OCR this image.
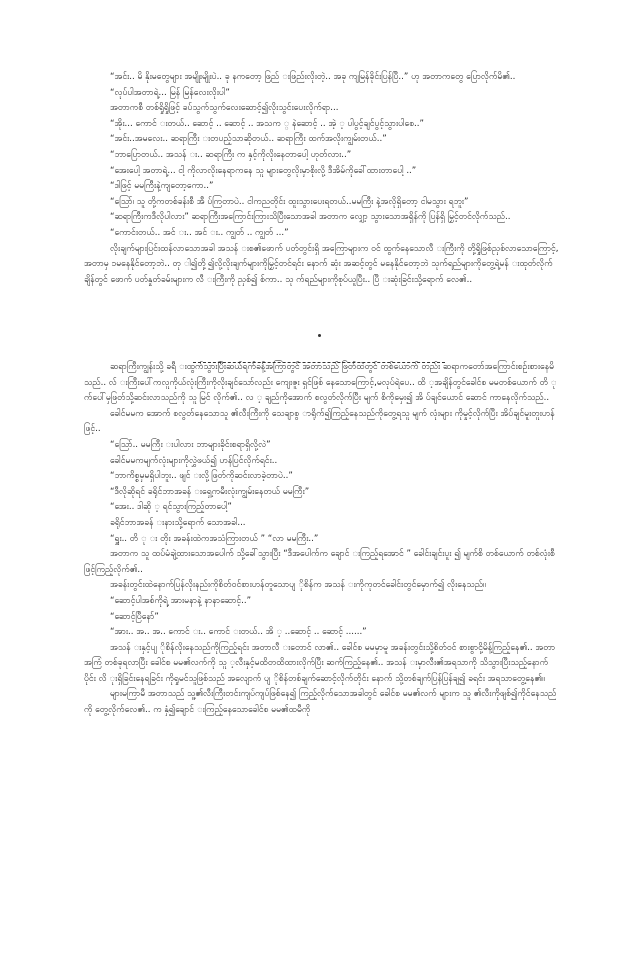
“အင်း.. မိ နိုးမတွေများ အမျိုးမျိုးပဲ.. ခု နကတော့ ဖြည် းဖြည်းလိုးတဲ့.. အခု ကျမြန်ခိုင်းပြန်ပြီ..” ဟု အတာကတွေ ပြောလိုက်မိ၏..

“လုပ်ပါအတာရဲ့... မြန် မြန်လေးလိုးပါ”

အတာကစီ တစ်ရှိုရှိုဖြင့် ခပ်သွက်သွက်လေးဆောင့်၍လိုးသွင်းပေးလိုက်ရာ...

“အိုး... ကောင် းတယ်.. ဆောင့် .. ဆောင့် .. အသက ္ နဲဆောင့် .. အဲ့ ့ ပါပွင့်ချင်ပွင့်သွားပါစေ..”

“အင်း..အမလေး.. ဆရာကြီး းတပည့်သာဆိုတယ်.. ဆရာကြီး ထက်အလိုးကျွမ်းတယ်..”

“ဘာပြောတယ်.. အသန် း.. ဆရာကြီး က နှင့်ကိုလိုးနေတာပေါ့ ဟုတ်လား..”

“အေးပေါ့ အတာရဲ့... ငါ့ ကိုလာလိုးနေရာကနေ သူ များတွေလိုးမှာစိုးလို့ ဒီအိမ်ကိုခေါ်ထားတာပေါ့ ..”

“ဒါဖြင့် မမကြီးနဲ့ကျတော့ကော..”

“ဩော်၊ သူ တို့ကတစ်ခန်းစီ အီ ပ်ကြတာပဲ.. ငါကညတိုင်း ထူးသွားပေးရတယ်..မမကြီး နဲ့အလိုရှိတော့ ငါမသွား ရဘူး”

“ဆရာကြီးကဒီလိုပါလား” ဆရာကြီးအကြောင်းကြားသိပြီးသောအခါ အတာက လျှော့ သွားသောအရှိန်ကို ပြန်ရှိ မြှင့်တင်လိုက်သည်..

“ကောင်းတယ်.. အင် း.. အင် း.. ကျွတ် .. ကျွတ် ...”

လိုးချက်များပြင်းထန်လာသောအခါ အသန် းစ၏ဖောက် ပတ်တွင်းရှိ အကြောများက ဝင် ထွက်နေသောလီ းကြီးကို တို့ရှိုဖြစ်ညှစ်လာသောကြောင့်, အတာမှ ၁မနေနိုင်တော့ဘဲ.. တု ါ၍တို့၍လို့လိုးချက်များကိုမြှင့်တင်ရင်း နောက် ဆုံး အဆင့်တွင် မနေနိုင်တော့ဘဲ သုက်ရည်များကိုတွေ့ရဲ့မန် းထုတ်လိုက်ချိန်တွင် ဖောက် ပတ်နှုတ်ခမ်းများက လီ းကြီးကို ညှစ်၍ စ်ကာ.. သု က်ရည်များကိုစုပ်ယူပြီး.. ပြီ းဆုံးခြင်းသို့ရောက် လေ၏..

ဆရာကြီးကျွန်းသို့ ခရီ းထွက်သွားပြီးဆယ်ရက်ခန့်အကြာတွင် အတာသည် ဖြတ်ထဲတွင် တစ်ယောက် တည်း ဆရာကတော်အကြောင်းစဉ်းစားနေမိ သည်.. လ် းကြီးပေါ်ကလူကိုယ်လုံးကြီးကိုလိုးချင်သော်လည်း ကျေးဇူး ရှင်ဖြစ် နေသောကြောင့်,မလုပ်ရဲပေ.. ထိ ့အချိန်တွင်ခေါင်စ မမတစ်ယောက် တိ ုက်ပေါ်မှဖြတ်သို့ဆင်းလာသည်ကို သူ မြင် လိုက်၏.. လ ့ ချည်ကိုအောက် စလွတ်လိုက်ပြီး မျက် စိကိုမှေး၍ အိ ပ်ချင်ယောင် ဆောင် ကာနေလိုက်သည်..

ခေါင်မမက အောက် စလွတ်နေသောသူ ၏လီးကြီးကို သေချာစွ ာရိုက်၍ကြည့်နေသည်ကိုတွေ့ရသူ မျက် လုံးများ ကိုမှုင့်လိုက်ပြီး အိပ်ချင်မူးတူးဟန်ဖြင့်..

“ဩော်.. မမကြီး းပါလား ဘာများခိုင်းစရာရှိလို့လဲ”

ခေါင်မမကမျက်လုံးများကိုလွှဲဖယ်၍ ဟန်ပြင်လိုက်ရင်း..

“ဘာကိစ္စမှမရှိပါဘူး.. ဖျင် းလို့ဖြတ်ကိုဆင်းလာခဲ့တာပဲ..”

“ဒီလိုဆိုရင် ခရိုင်ဘာအခန် းရှေ့ကမီးလုံးကျွမ်းနေတယ် မမကြီး”

“အေး.. ဒါဆို ့ ရင်သွားကြည့်တာပေါ့”

ခရိုင်ဘာအခန် းနားသို့ရောက် သောအခါ...

“ရှူး.. တိ ု း တိုး အခန်းထဲကအသံကြားတယ် ” “လာ မမကြီး..”

အတာက သူ ထပ်မံချဲ့ထားသောအပေါက် သို့ခေါ်သွားပြီး “ဒီအပေါက်က ချောင် းကြည့်ရအောင် ” ခေါင်းချင်းပူး ၍ မျက်စိ တစ်ယောက် တစ်လုံးစီဖြင့်ကြည့်လိုက်၏..

အခန်းတွင်းထဲနောက်ပြန်လိုးနည်းကိုစိတ်ဝင်စားဟန်တူသောပျ ိုစိန်က အသန် းကိုကုတင်ခေါင်းတွင်မှောက်၍ လိုးနေသည်။

“ဆောင့်ပါအစ်ကိုရဲ့ အားမနာနဲ့ နာနာဆောင့်..”

“ဆောင့်ပြီနော်”

“အား.. အ.. အ.. ကောင် း.. ကောင် းတယ်.. အိ ့ ..ဆောင့် .. ဆောင့် ......”

အသန် းနှင့်ပျ ိုစိန်လိုးနေသည်ကိုကြည့်ရင်း အတာလီ းတောင် လာ၏.. ခေါင်စ မမမှာမူ အခန်းတွင်းသို့စိတ်ဝင် စားစွာငို့မိန့်ကြည့်နေ၏.. အတာအကြံ တစ်ခုရလာပြီး ခေါင်စ မမ၏လက်ကို သူ ့လီးနှင့်မထိတထိထားလိုက်ပြီး ဆက်ကြည့်နေ၏.. အသန် းမှာလီး၏အရသာကို သိသွားပြီးသည့်နောက် ပိုင်း လိ ုးရှိခြင်းနေရခြင်း ကိုရှုမင်သူဖြစ်သည် အလျောက် ပျ ိုစိန်တစ်ချက်ဆောင့်လိုက်တိုင်း နောက် သို့တစ်ချက်ပြန်ပြန်ချ၍ ခရင်း အရသာတွေ့နေ၏။

များမကြာမီ အတာသည် သူ့၏လီးကြီးတင်းကျပ်ကျပ်ဖြစ်နေ၍ ကြည့်လိုက်သောအခါတွင် ခေါင်စ မမ၏လက် များက သူ ၏လီးကိုဖျစ်၍ကိုင်နေသည် ကို တွေ့လိုက်လေ၏.. က နှံ၍ချောင် းကြည့်နေသောခေါင်စ မမ၏ထမီကို
